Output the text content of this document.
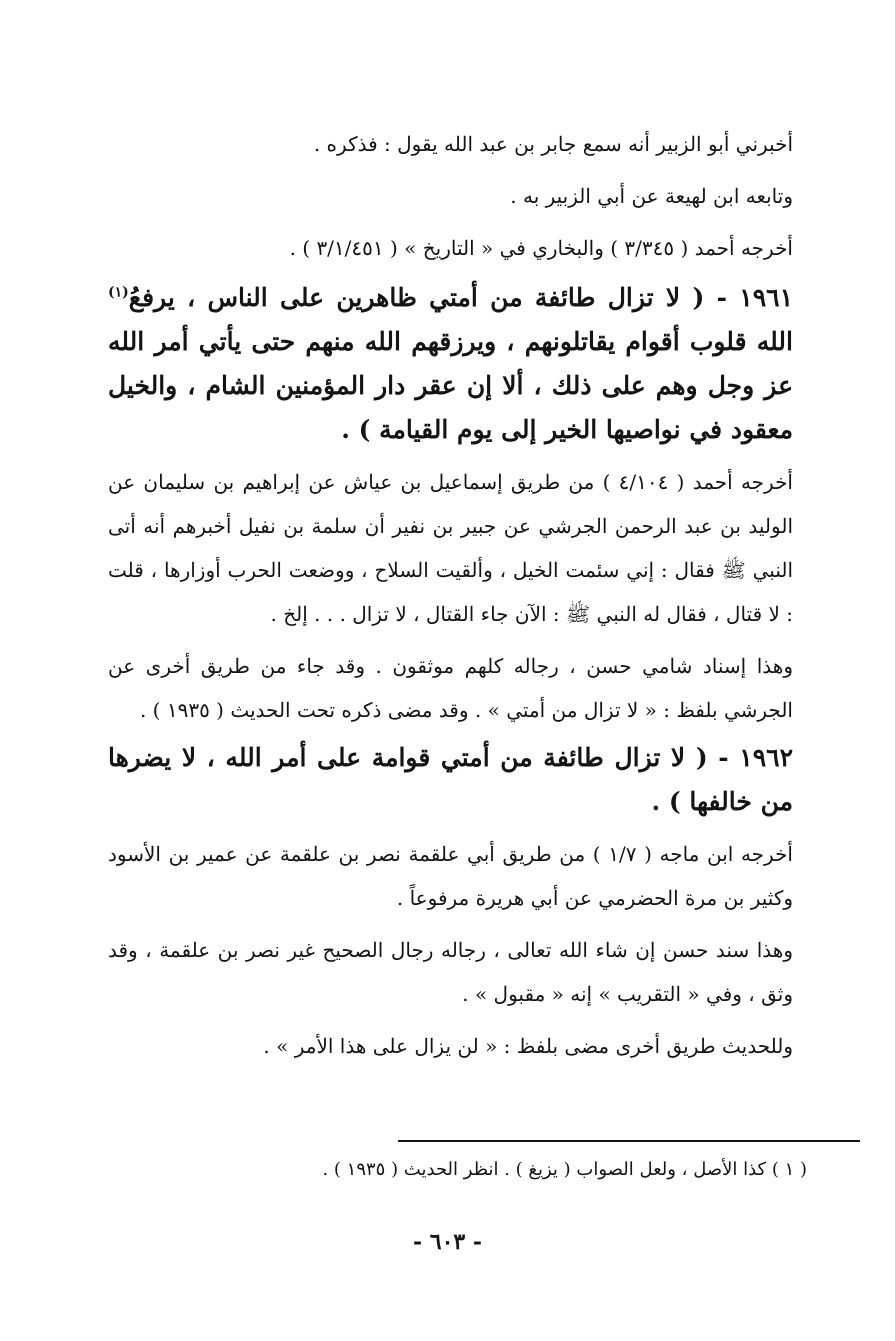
أخبرني أبو الزبير أنه سمع جابر بن عبد الله يقول : فذكره .

وتابعه ابن لهيعة عن أبي الزبير به .

أخرجه أحمد ( ٣/٣٤٥ ) والبخاري في « التاريخ » ( ٣/١/٤٥١ ) .

١٩٦١ - ( لا تزال طائفة من أمتي ظاهرين على الناس ، يرفعُ$^{(١)}$ الله قلوب أقوام يقاتلونهم ، ويرزقهم الله منهم حتى يأتي أمر الله عز وجل وهم على ذلك ، ألا إن عقر دار المؤمنين الشام ، والخيل معقود في نواصيها الخير إلى يوم القيامة ) .

أخرجه أحمد ( ٤/١٠٤ ) من طريق إسماعيل بن عياش عن إبراهيم بن سليمان عن الوليد بن عبد الرحمن الجرشي عن جبير بن نفير أن سلمة بن نفيل أخبرهم أنه أتى النبي ﷺ فقال : إني سئمت الخيل ، وألقيت السلاح ، ووضعت الحرب أوزارها ، قلت : لا قتال ، فقال له النبي ﷺ : الآن جاء القتال ، لا تزال . . . إلخ .

وهذا إسناد شامي حسن ، رجاله كلهم موثقون . وقد جاء من طريق أخرى عن الجرشي بلفظ : « لا تزال من أمتي » . وقد مضى ذكره تحت الحديث ( ١٩٣٥ ) .

١٩٦٢ - ( لا تزال طائفة من أمتي قوامة على أمر الله ، لا يضرها من خالفها ) .

أخرجه ابن ماجه ( ١/٧ ) من طريق أبي علقمة نصر بن علقمة عن عمير بن الأسود وكثير بن مرة الحضرمي عن أبي هريرة مرفوعاً .

وهذا سند حسن إن شاء الله تعالى ، رجاله رجال الصحيح غير نصر بن علقمة ، وقد وثق ، وفي « التقريب » إنه « مقبول » .

وللحديث طريق أخرى مضى بلفظ : « لن يزال على هذا الأمر » .

( ١ ) كذا الأصل ، ولعل الصواب ( يزيغ ) . انظر الحديث ( ١٩٣٥ ) .

- ٦٠٣ -
